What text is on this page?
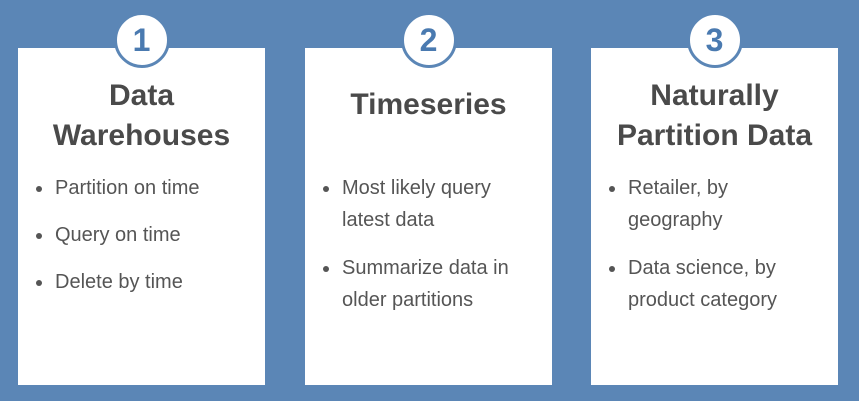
1
Data
Warehouses
Partition on time
Query on time
Delete by time
2
Timeseries
Most likely query
latest data
Summarize data in
older partitions
3
Naturally
Partition Data
Retailer, by
geography
Data science, by
product category
